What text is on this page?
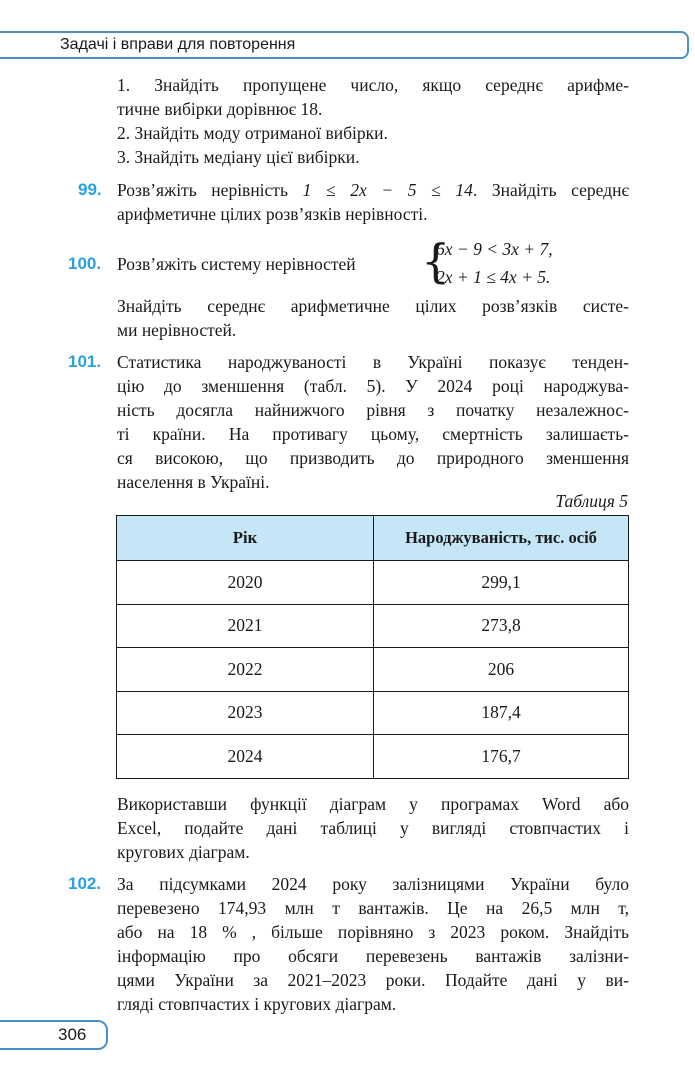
Задачі і вправи для повторення
1. Знайдіть пропущене число, якщо середнє арифме-
тичне вибірки дорівнює 18.
2. Знайдіть моду отриманої вибірки.
3. Знайдіть медіану цієї вибірки.
99. Розв’яжіть нерівність 1 ≤ 2x − 5 ≤ 14. Знайдіть середнє
арифметичне цілих розв’язків нерівності.
100. Розв’яжіть систему нерівностей {
6x − 9 < 3x + 7,
2x + 1 ≤ 4x + 5.
Знайдіть середнє арифметичне цілих розв’язків систе-
ми нерівностей.
101. Статистика народжуваності в Україні показує тенден-
цію до зменшення (табл. 5). У 2024 році народжува-
ність досягла найнижчого рівня з початку незалежнос-
ті країни. На противагу цьому, смертність залишаєть-
ся високою, що призводить до природного зменшення
населення в Україні.
Таблиця 5
Рік	Народжуваність, тис. осіб
2020	299,1
2021	273,8
2022	206
2023	187,4
2024	176,7
Використавши функції діаграм у програмах Word або
Excel, подайте дані таблиці у вигляді стовпчастих і
кругових діаграм.
102. За підсумками 2024 року залізницями України було
перевезено 174,93 млн т вантажів. Це на 26,5 млн т,
або на 18 % , більше порівняно з 2023 роком. Знайдіть
інформацію про обсяги перевезень вантажів залізни-
цями України за 2021–2023 роки. Подайте дані у ви-
гляді стовпчастих і кругових діаграм.
306
